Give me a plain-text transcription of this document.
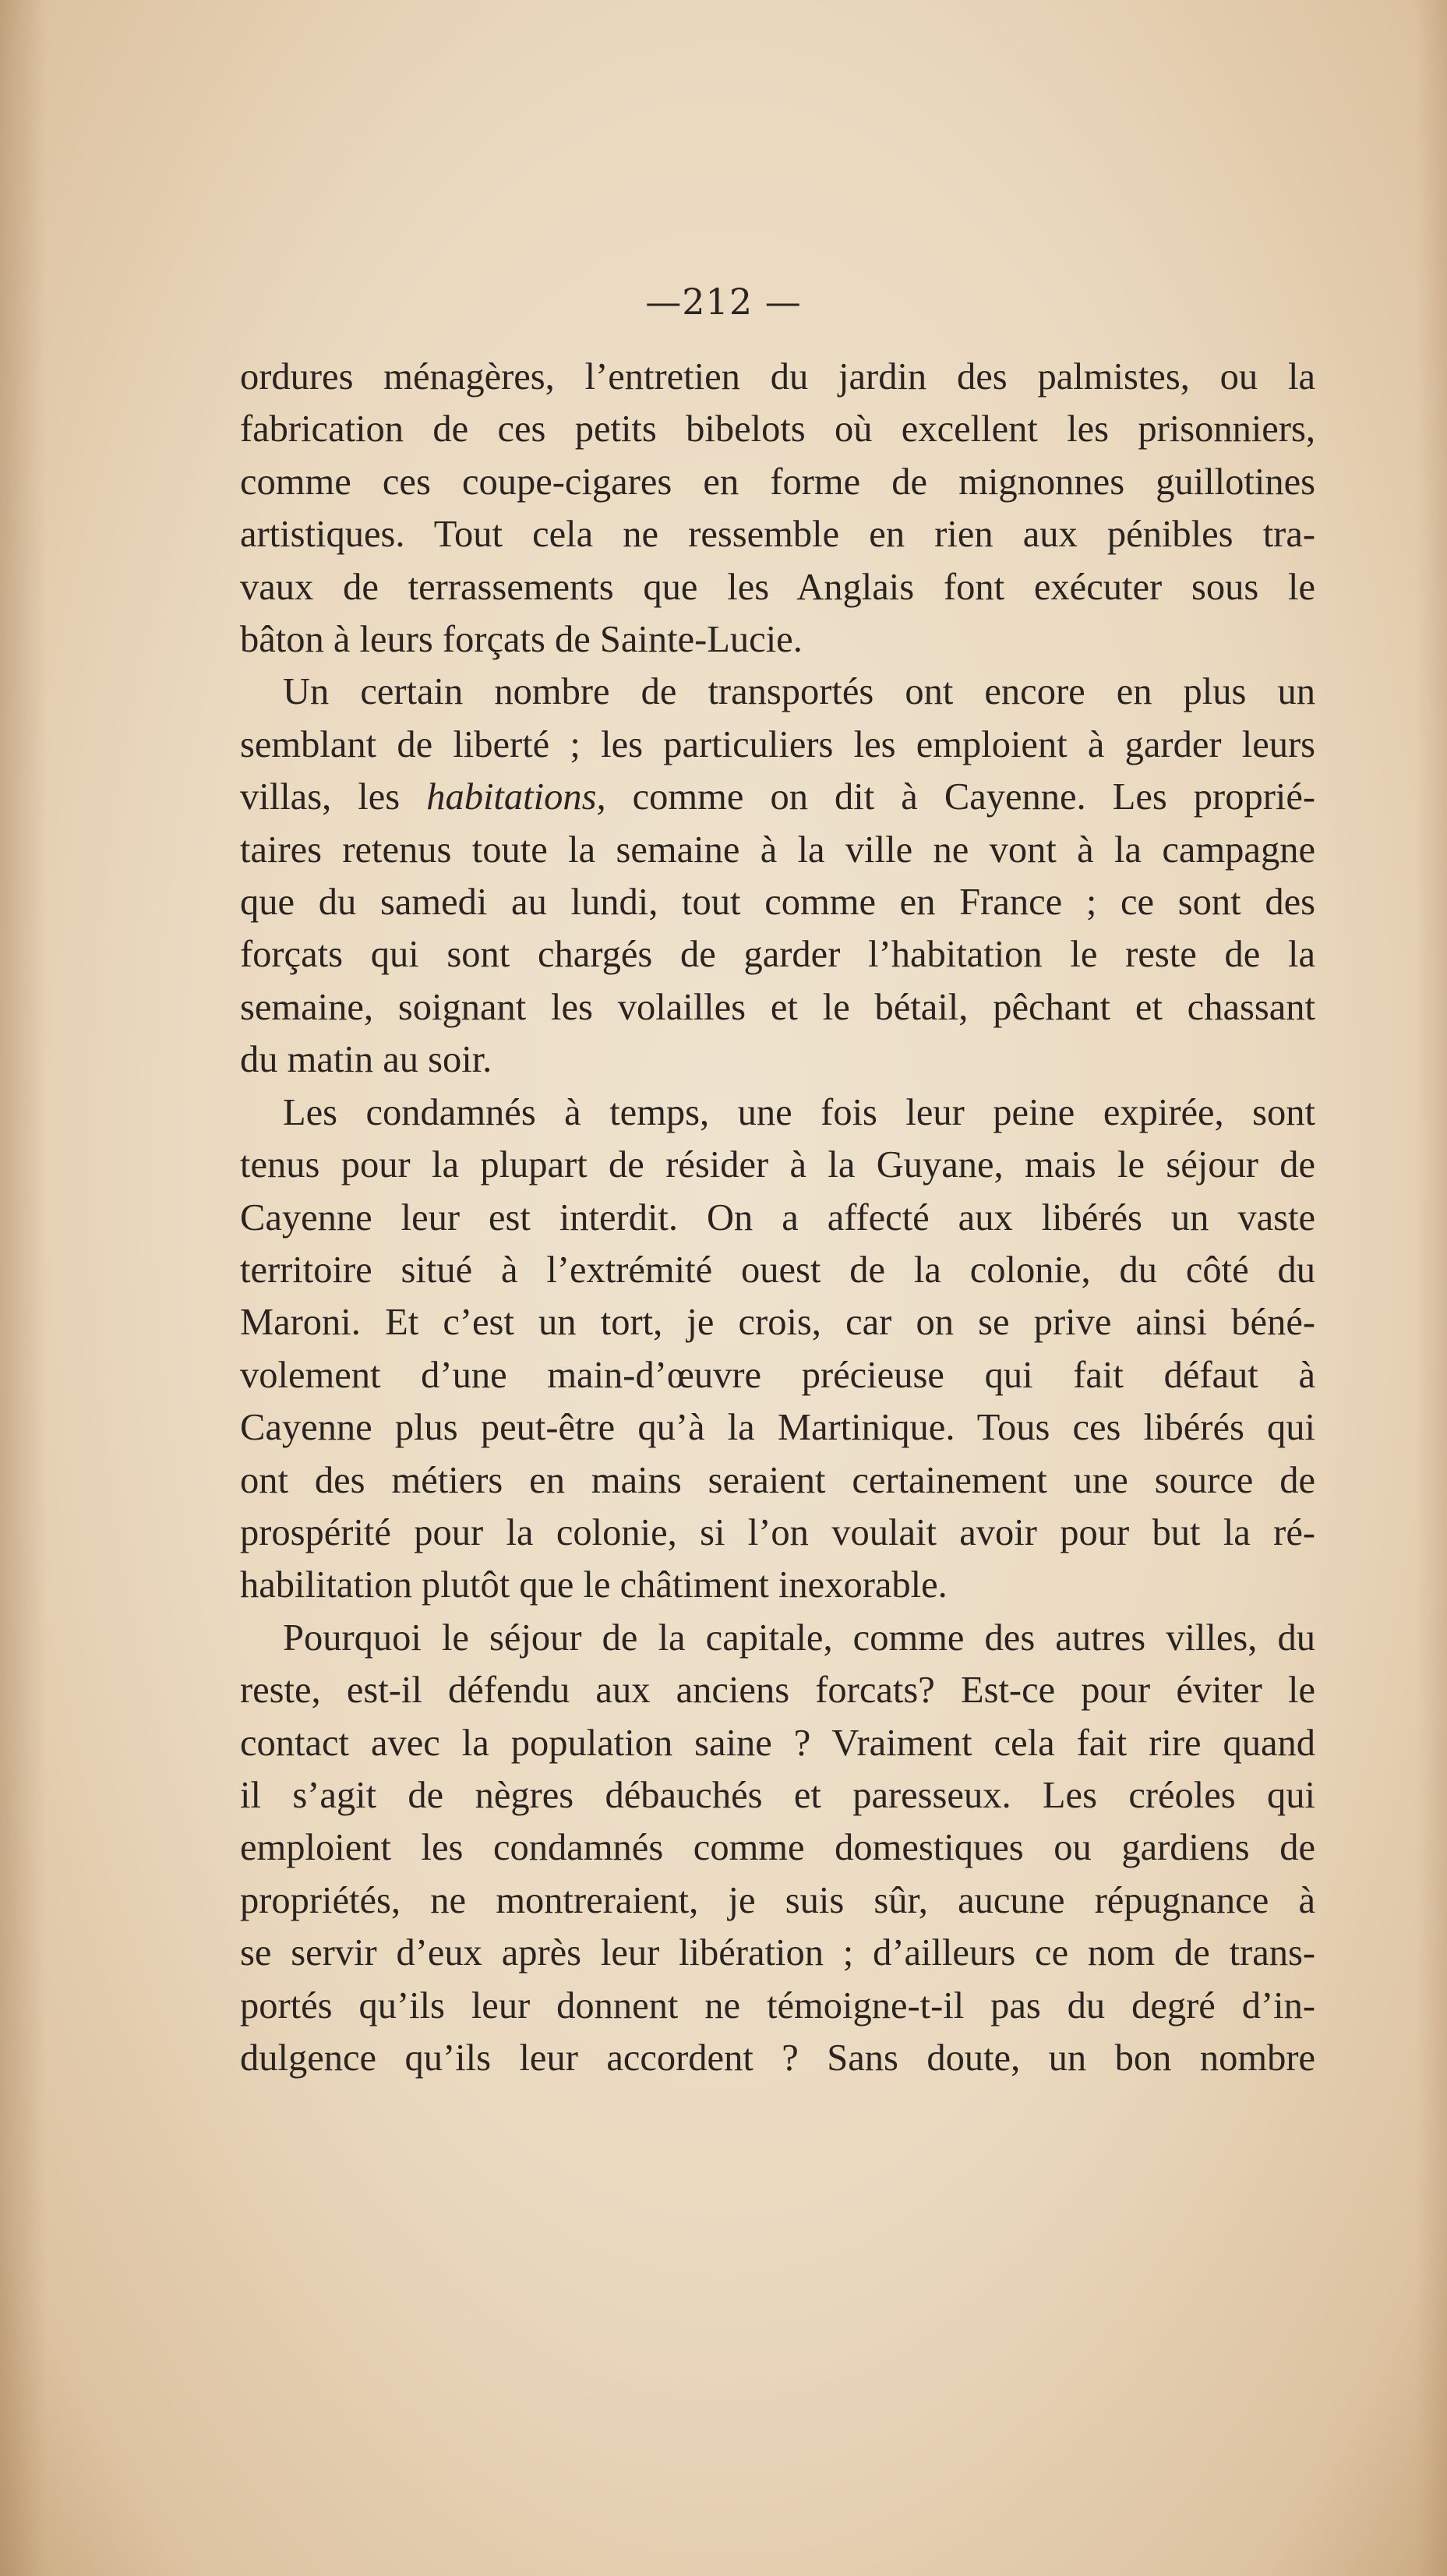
—212 —

ordures ménagères, l’entretien du jardin des palmistes, ou la
fabrication de ces petits bibelots où excellent les prisonniers,
comme ces coupe-cigares en forme de mignonnes guillotines
artistiques. Tout cela ne ressemble en rien aux pénibles tra-
vaux de terrassements que les Anglais font exécuter sous le
bâton à leurs forçats de Sainte-Lucie.

Un certain nombre de transportés ont encore en plus un
semblant de liberté ; les particuliers les emploient à garder leurs
villas, les habitations, comme on dit à Cayenne. Les proprié-
taires retenus toute la semaine à la ville ne vont à la campagne
que du samedi au lundi, tout comme en France ; ce sont des
forçats qui sont chargés de garder l’habitation le reste de la
semaine, soignant les volailles et le bétail, pêchant et chassant
du matin au soir.

Les condamnés à temps, une fois leur peine expirée, sont
tenus pour la plupart de résider à la Guyane, mais le séjour de
Cayenne leur est interdit. On a affecté aux libérés un vaste
territoire situé à l’extrémité ouest de la colonie, du côté du
Maroni. Et c’est un tort, je crois, car on se prive ainsi béné-
volement d’une main-d’œuvre précieuse qui fait défaut à
Cayenne plus peut-être qu’à la Martinique. Tous ces libérés qui
ont des métiers en mains seraient certainement une source de
prospérité pour la colonie, si l’on voulait avoir pour but la ré-
habilitation plutôt que le châtiment inexorable.

Pourquoi le séjour de la capitale, comme des autres villes, du
reste, est-il défendu aux anciens forcats? Est-ce pour éviter le
contact avec la population saine ? Vraiment cela fait rire quand
il s’agit de nègres débauchés et paresseux. Les créoles qui
emploient les condamnés comme domestiques ou gardiens de
propriétés, ne montreraient, je suis sûr, aucune répugnance à
se servir d’eux après leur libération ; d’ailleurs ce nom de trans-
portés qu’ils leur donnent ne témoigne-t-il pas du degré d’in-
dulgence qu’ils leur accordent ? Sans doute, un bon nombre
